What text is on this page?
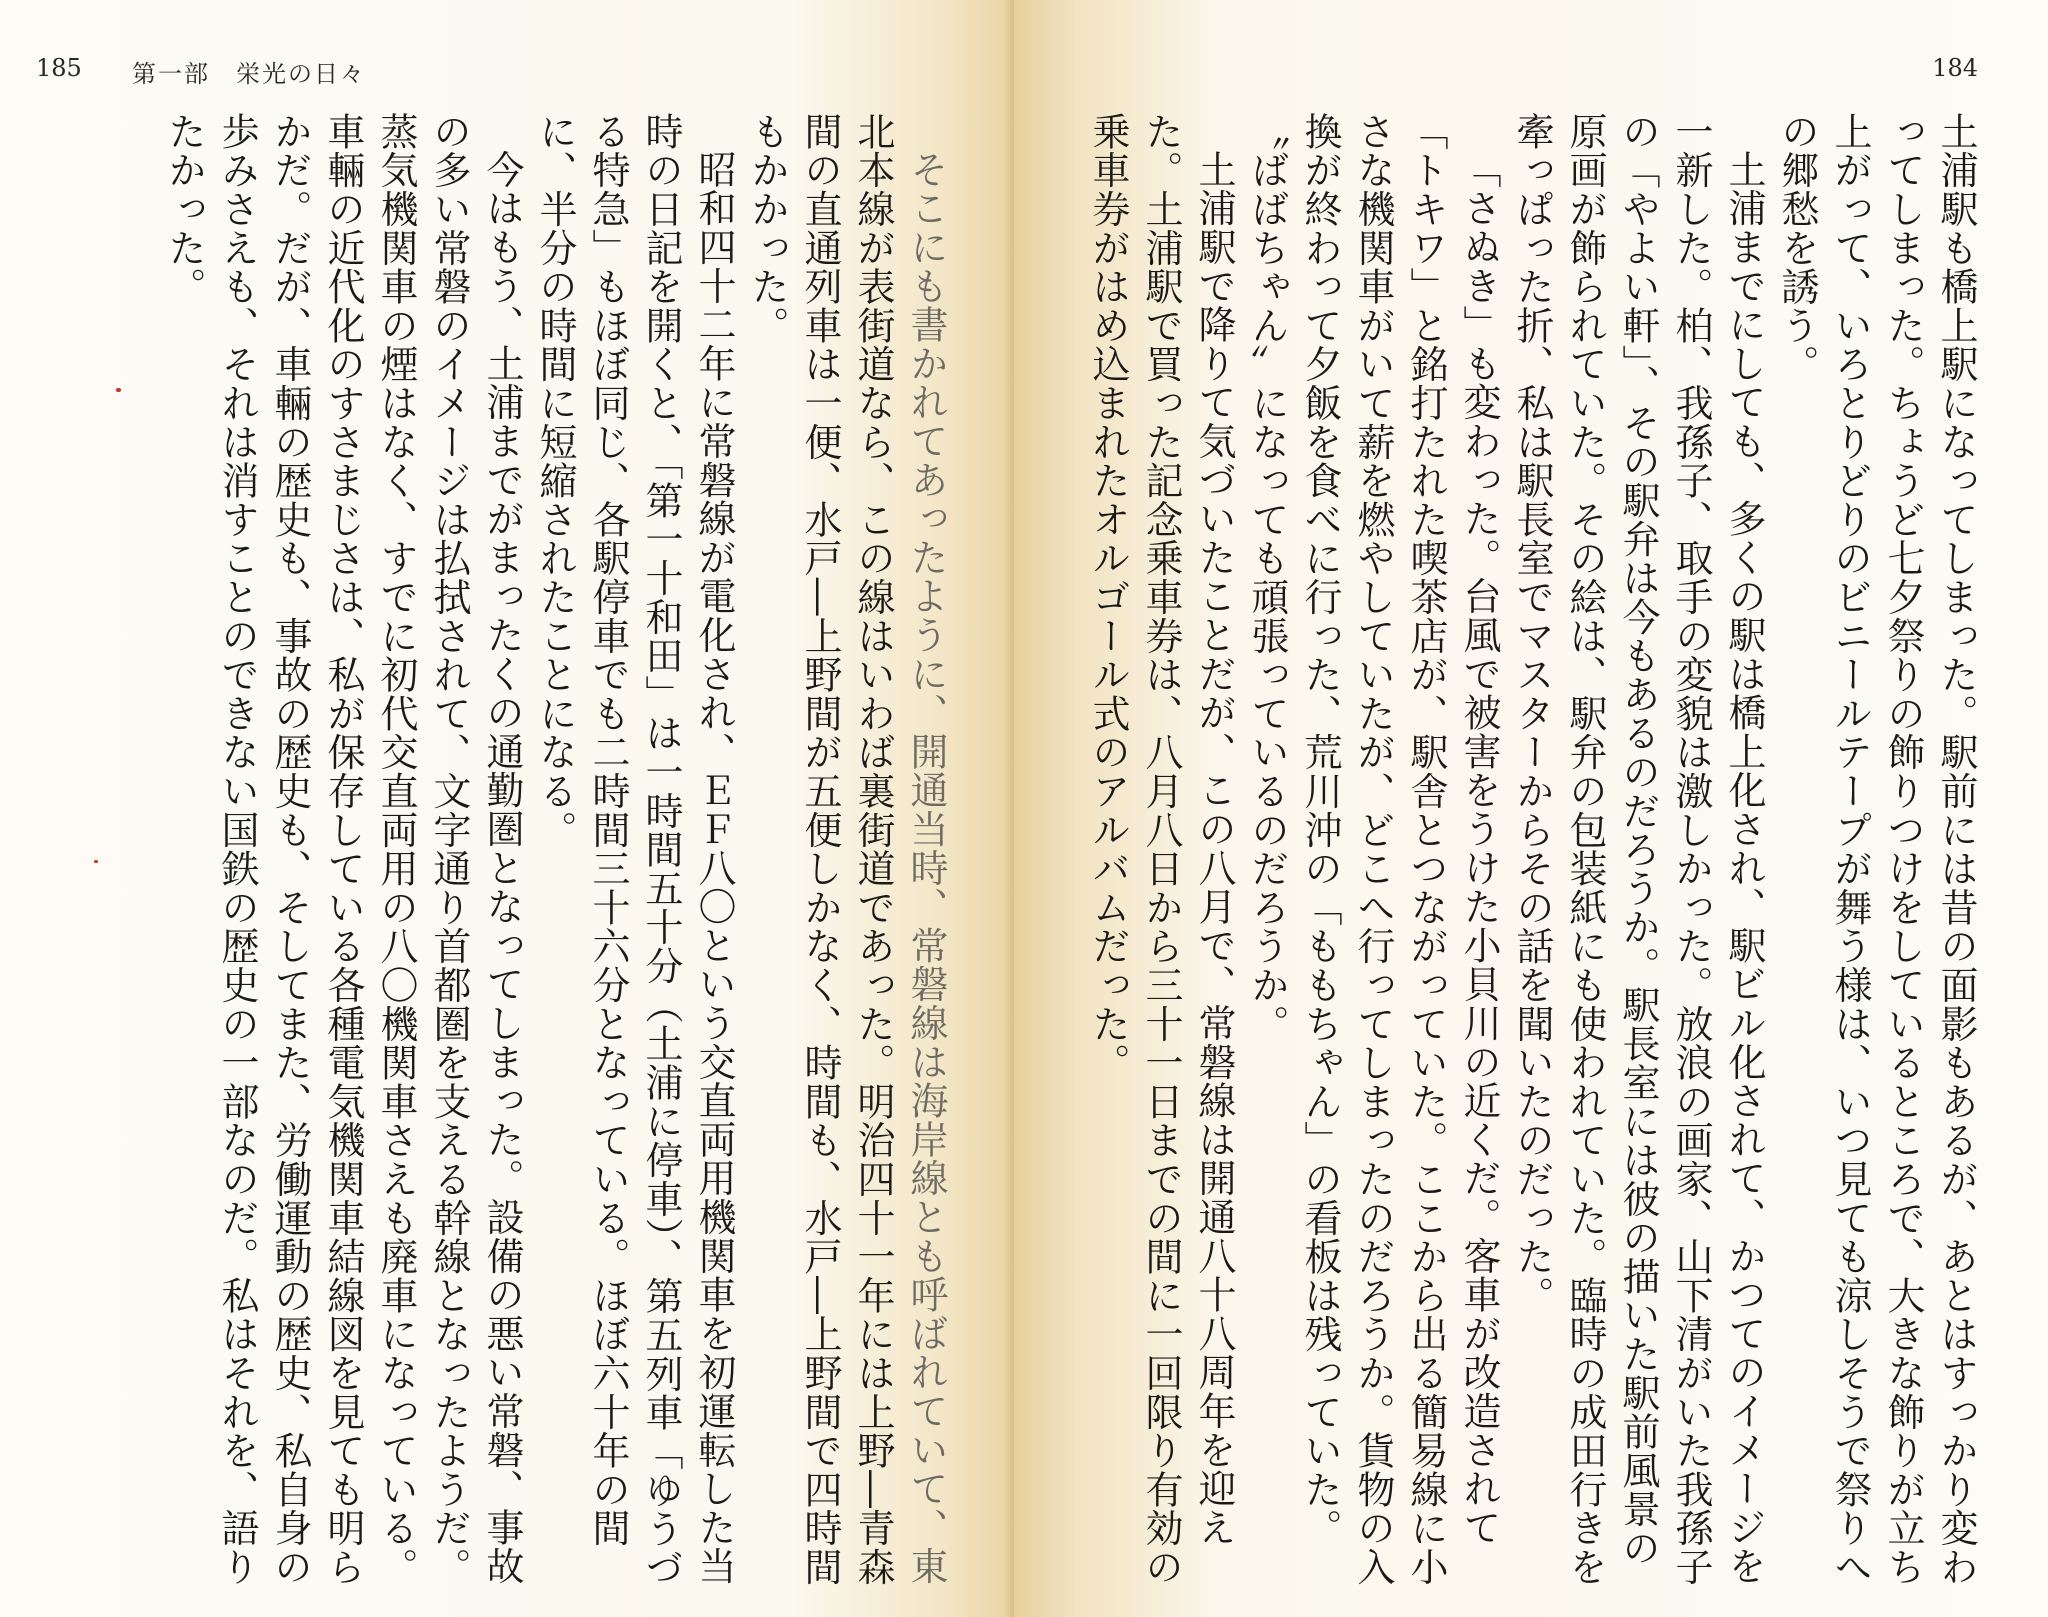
185 第一部　栄光の日々

そこにも書かれてあったように、開通当時、常磐線は海岸線とも呼ばれていて、東北本線が表街道なら、この線はいわば裏街道であった。明治四十一年には上野―青森間の直通列車は一便、水戸―上野間が五便しかなく、時間も、水戸―上野間で四時間もかかった。

昭和四十二年に常磐線が電化され、ＥＦ八〇という交直両用機関車を初運転した当時の日記を開くと、「第一十和田」は一時間五十分（土浦に停車）、第五列車「ゆうづる特急」もほぼ同じ、各駅停車でも二時間三十六分となっている。ほぼ六十年の間に、半分の時間に短縮されたことになる。

今はもう、土浦までがまったくの通勤圏となってしまった。設備の悪い常磐、事故の多い常磐のイメージは払拭されて、文字通り首都圏を支える幹線となったようだ。蒸気機関車の煙はなく、すでに初代交直両用の八〇機関車さえも廃車になっている。車輛の近代化のすさまじさは、私が保存している各種電気機関車結線図を見ても明らかだ。だが、車輛の歴史も、事故の歴史も、そしてまた、労働運動の歴史、私自身の歩みさえも、それは消すことのできない国鉄の歴史の一部なのだ。私はそれを、語りたかった。

184

土浦駅も橋上駅になってしまった。駅前には昔の面影もあるが、あとはすっかり変わってしまった。ちょうど七夕祭りの飾りつけをしているところで、大きな飾りが立ち上がって、いろとりどりのビニールテープが舞う様は、いつ見ても涼しそうで祭りへの郷愁を誘う。

土浦までにしても、多くの駅は橋上化され、駅ビル化されて、かつてのイメージを一新した。柏、我孫子、取手の変貌は激しかった。放浪の画家、山下清がいた我孫子の「やよい軒」、その駅弁は今もあるのだろうか。駅長室には彼の描いた駅前風景の原画が飾られていた。その絵は、駅弁の包装紙にも使われていた。臨時の成田行きを牽っぱった折、私は駅長室でマスターからその話を聞いたのだった。

「さぬき」も変わった。台風で被害をうけた小貝川の近くだ。客車が改造されて「トキワ」と銘打たれた喫茶店が、駅舎とつながっていた。ここから出る簡易線に小さな機関車がいて薪を燃やしていたが、どこへ行ってしまったのだろうか。貨物の入換が終わって夕飯を食べに行った、荒川沖の「ももちゃん」の看板は残っていた。〝ばばちゃん〟になっても頑張っているのだろうか。

土浦駅で降りて気づいたことだが、この八月で、常磐線は開通八十八周年を迎えた。土浦駅で買った記念乗車券は、八月八日から三十一日までの間に一回限り有効の乗車券がはめ込まれたオルゴール式のアルバムだった。
